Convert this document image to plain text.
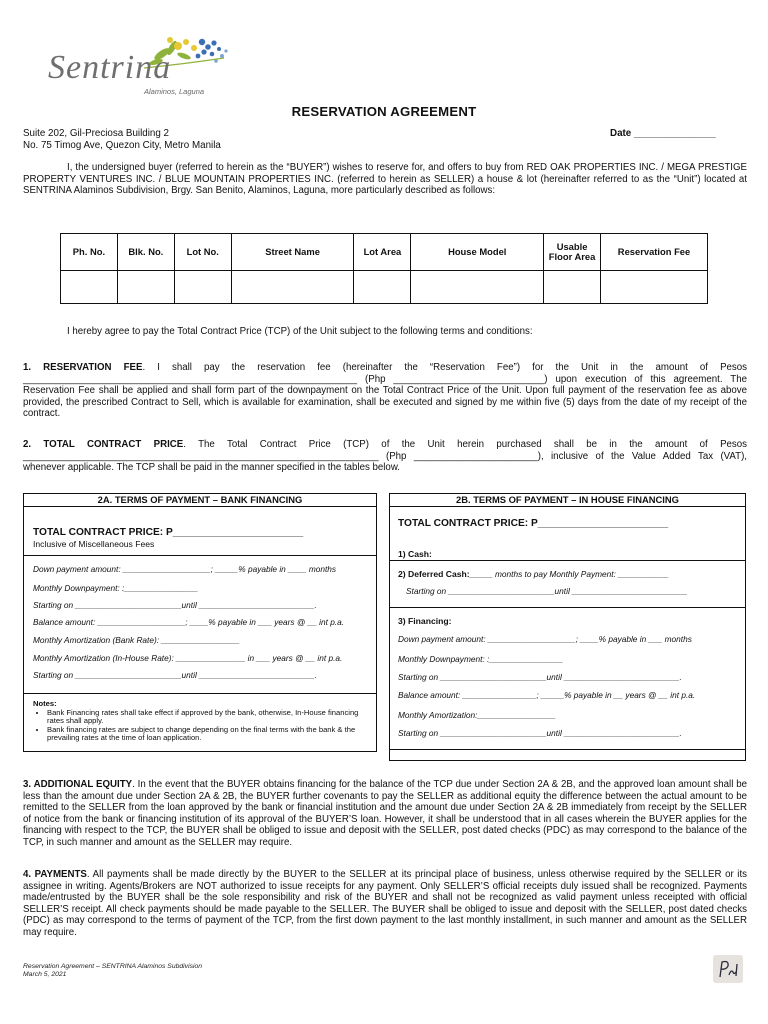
Sentrina
Alaminos, Laguna
RESERVATION AGREEMENT
Suite 202, Gil-Preciosa Building 2
No. 75 Timog Ave, Quezon City, Metro Manila
Date _______________
I, the undersigned buyer (referred to herein as the “BUYER”) wishes to reserve for, and offers to buy from RED OAK PROPERTIES INC. / MEGA PRESTIGE PROPERTY VENTURES INC. / BLUE MOUNTAIN PROPERTIES INC. (referred to herein as SELLER) a house & lot (hereinafter referred to as the “Unit”) located at SENTRINA Alaminos Subdivision, Brgy. San Benito, Alaminos, Laguna, more particularly described as follows:
Ph. No.	Blk. No.	Lot No.	Street Name	Lot Area	House Model	Usable Floor Area	Reservation Fee

I hereby agree to pay the Total Contract Price (TCP) of the Unit subject to the following terms and conditions:
1. RESERVATION FEE. I shall pay the reservation fee (hereinafter the “Reservation Fee”) for the Unit in the amount of Pesos ______________________________________________________________ (Php ____________________________) upon execution of this agreement. The Reservation Fee shall be applied and shall form part of the downpayment on the Total Contract Price of the Unit. Upon full payment of the reservation fee as above provided, the prescribed Contract to Sell, which is available for examination, shall be executed and signed by me within five (5) days from the date of my receipt of the contract.
2. TOTAL CONTRACT PRICE. The Total Contract Price (TCP) of the Unit herein purchased shall be in the amount of Pesos __________________________________________________________________ (Php _______________________), inclusive of the Value Added Tax (VAT), whenever applicable. The TCP shall be paid in the manner specified in the tables below.
2A. TERMS OF PAYMENT – BANK FINANCING
TOTAL CONTRACT PRICE: P_______________________
Inclusive of Miscellaneous Fees
Down payment amount: ___________________; _____% payable in ____ months
Monthly Downpayment: :________________
Starting on _______________________until _________________________.
Balance amount: ___________________; ____% payable in ___ years @ __ int p.a.
Monthly Amortization (Bank Rate): _________________
Monthly Amortization (In-House Rate): _______________ in ___ years @ __ int p.a.
Starting on _______________________until _________________________.
Notes:
• Bank Financing rates shall take effect if approved by the bank, otherwise, In-House financing rates shall apply.
• Bank financing rates are subject to change depending on the final terms with the bank & the prevailing rates at the time of loan application.
2B. TERMS OF PAYMENT – IN HOUSE FINANCING
TOTAL CONTRACT PRICE: P_______________________
1) Cash:
2) Deferred Cash:_____ months to pay Monthly Payment: ___________
Starting on _______________________until _________________________
3) Financing:
Down payment amount: ___________________; ____% payable in ___ months
Monthly Downpayment: :________________
Starting on _______________________until _________________________.
Balance amount: ________________; _____% payable in __ years @ __ int p.a.
Monthly Amortization:_________________
Starting on _______________________until _________________________.
3. ADDITIONAL EQUITY. In the event that the BUYER obtains financing for the balance of the TCP due under Section 2A & 2B, and the approved loan amount shall be less than the amount due under Section 2A & 2B, the BUYER further covenants to pay the SELLER as additional equity the difference between the actual amount to be remitted to the SELLER from the loan approved by the bank or financial institution and the amount due under Section 2A & 2B immediately from receipt by the SELLER of notice from the bank or financing institution of its approval of the BUYER’S loan. However, it shall be understood that in all cases wherein the BUYER applies for the financing with respect to the TCP, the BUYER shall be obliged to issue and deposit with the SELLER, post dated checks (PDC) as may correspond to the balance of the TCP, in such manner and amount as the SELLER may require.
4. PAYMENTS. All payments shall be made directly by the BUYER to the SELLER at its principal place of business, unless otherwise required by the SELLER or its assignee in writing. Agents/Brokers are NOT authorized to issue receipts for any payment. Only SELLER’S official receipts duly issued shall be recognized. Payments made/entrusted by the BUYER shall be the sole responsibility and risk of the BUYER and shall not be recognized as valid payment unless receipted with official SELLER’S receipt. All check payments should be made payable to the SELLER. The BUYER shall be obliged to issue and deposit with the SELLER, post dated checks (PDC) as may correspond to the terms of payment of the TCP, from the first down payment to the last monthly installment, in such manner and amount as the SELLER may require.
Reservation Agreement – SENTRINA Alaminos Subdivision
March 5, 2021
